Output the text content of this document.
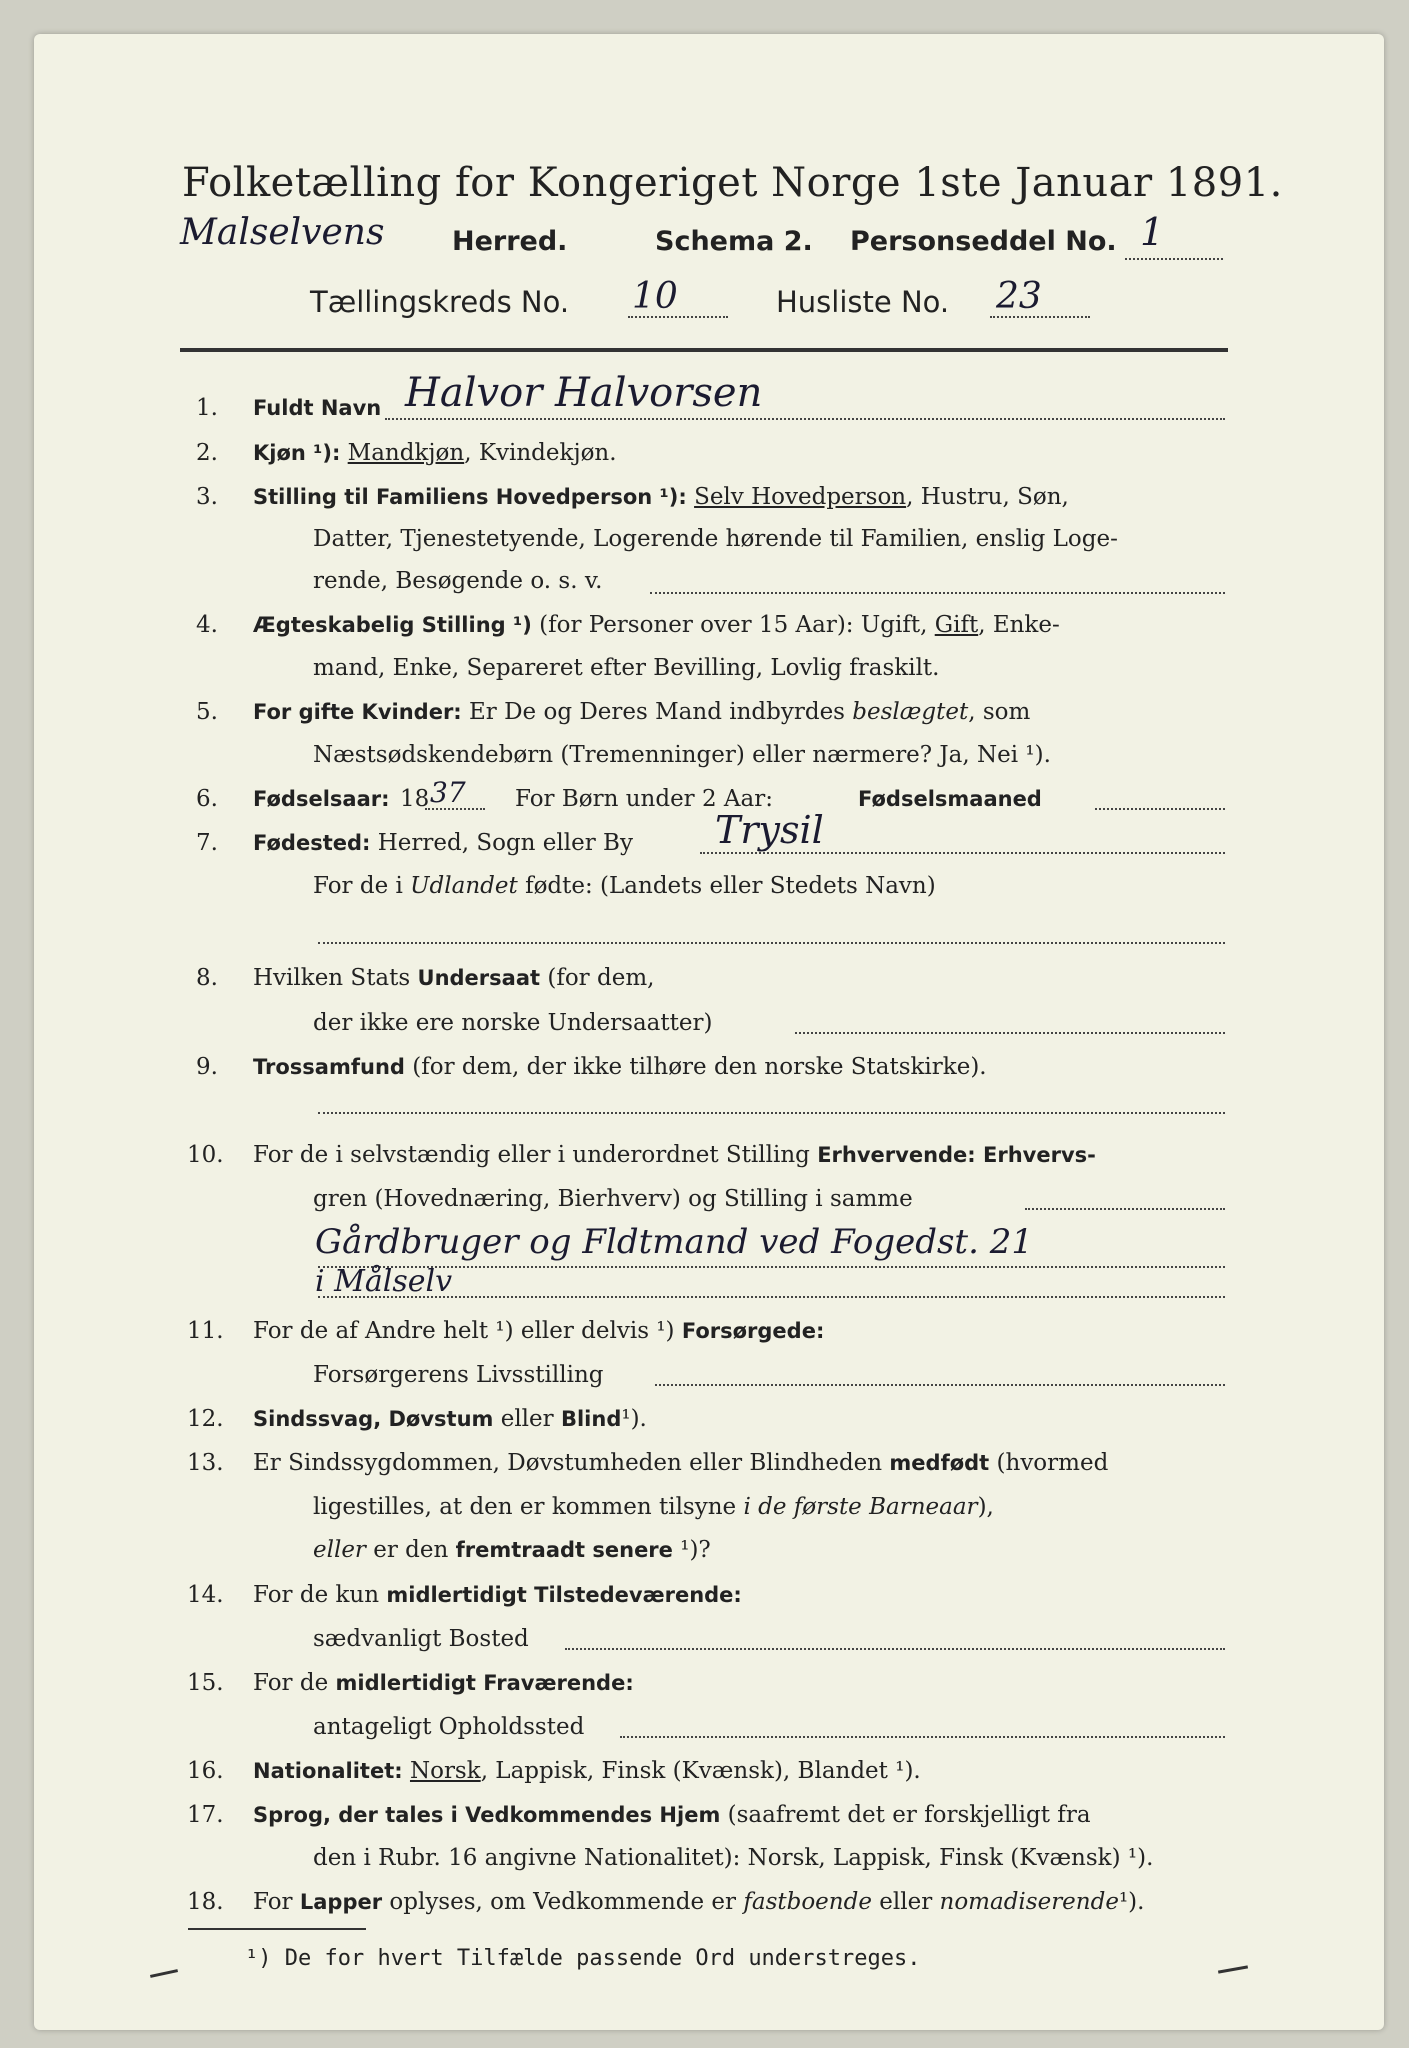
Folketælling for Kongeriget Norge 1ste Januar 1891.
Malselvens	Herred.	Schema 2. Personseddel No. 1
Tællingskreds No. 10	Husliste No. 23
1. Fuldt Navn Halvor Halvorsen
2. Kjøn ¹): Mandkjøn, Kvindekjøn.
3. Stilling til Familiens Hovedperson ¹): Selv Hovedperson, Hustru, Søn,
Datter, Tjenestetyende, Logerende hørende til Familien, enslig Loge-
rende, Besøgende o. s. v.
4. Ægteskabelig Stilling ¹) (for Personer over 15 Aar): Ugift, Gift, Enke-
mand, Enke, Separeret efter Bevilling, Lovlig fraskilt.
5. For gifte Kvinder: Er De og Deres Mand indbyrdes beslægtet, som
Næstsødskendebørn (Tremenninger) eller nærmere? Ja, Nei ¹).
6. Fødselsaar: 18 37 For Børn under 2 Aar:	Fødselsmaaned
7. Fødested: Herred, Sogn eller By Trysil
For de i Udlandet fødte: (Landets eller Stedets Navn)
8. Hvilken Stats Undersaat (for dem,
der ikke ere norske Undersaatter)
9. Trossamfund (for dem, der ikke tilhøre den norske Statskirke).
10. For de i selvstændig eller i underordnet Stilling Erhvervende: Erhvervs-
gren (Hovednæring, Bierhverv) og Stilling i samme
Gårdbruger og Fldtmand ved Fogedst. 21
i Målselv
11. For de af Andre helt ¹) eller delvis ¹) Forsørgede:
Forsørgerens Livsstilling
12. Sindssvag, Døvstum eller Blind¹).
13. Er Sindssygdommen, Døvstumheden eller Blindheden medfødt (hvormed
ligestilles, at den er kommen tilsyne i de første Barneaar),
eller er den fremtraadt senere ¹)?
14. For de kun midlertidigt Tilstedeværende:
sædvanligt Bosted
15. For de midlertidigt Fraværende:
antageligt Opholdssted
16. Nationalitet: Norsk, Lappisk, Finsk (Kvænsk), Blandet ¹).
17. Sprog, der tales i Vedkommendes Hjem (saafremt det er forskjelligt fra
den i Rubr. 16 angivne Nationalitet): Norsk, Lappisk, Finsk (Kvænsk) ¹).
18. For Lapper oplyses, om Vedkommende er fastboende eller nomadiserende¹).
¹) De for hvert Tilfælde passende Ord understreges.
